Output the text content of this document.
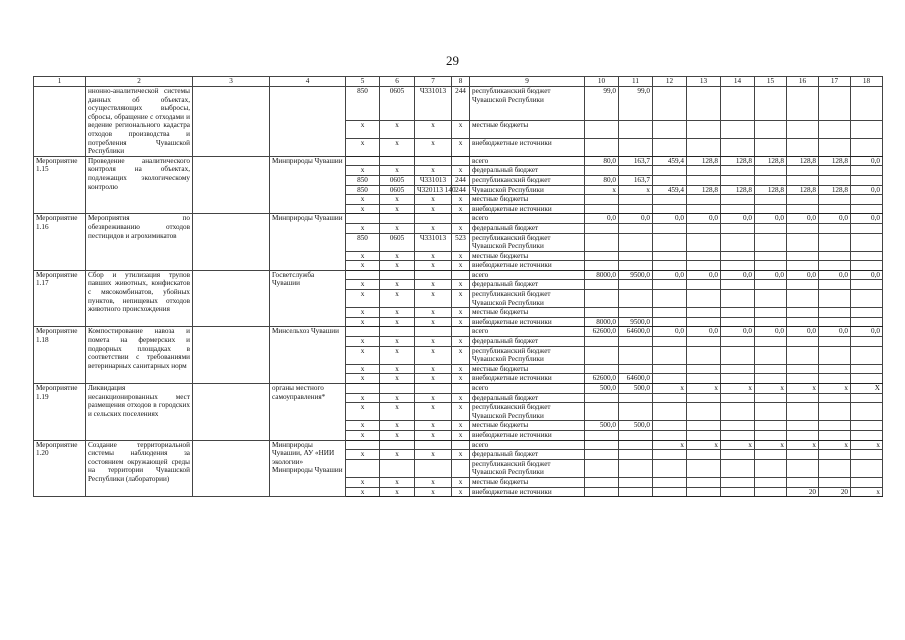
29
1	2	3	4	5	6	7	8	9	10	11	12	13	14	15	16	17	18
	ннонно-аналитической системы данных об объектах, осуществляющих выбросы, сбросы, обращение с отходами и ведение регионального кадастра отходов производства и потребления Чувашской Республики			850	0605	Ч331013	244	республиканский бюджет Чувашской Республики	99,0	99,0							
				х	х	х	х	местные бюджеты									
				х	х	х	х	внебюджетные источники									
Мероприятие 1.15	Проведение аналитического контроля на объектах, подлежащих экологическому контролю		Минприроды Чувашии					всего	80,0	163,7	459,4	128,8	128,8	128,8	128,8	128,8	0,0
				х	х	х	х	федеральный бюджет									
				850	0605	Ч331013	244	республиканский бюджет	80,0	163,7							
				850	0605	Ч320113 140	244	Чувашской Республики	х	х	459,4	128,8	128,8	128,8	128,8	128,8	0,0
				х	х	х	х	местные бюджеты									
				х	х	х	х	внебюджетные источники									
Мероприятие 1.16	Мероприятия по обезвреживанию отходов пестицидов и агрохимикатов		Минприроды Чувашии					всего	0,0	0,0	0,0	0,0	0,0	0,0	0,0	0,0	0,0
				х	х	х	х	федеральный бюджет									
				850	0605	Ч331013	523	республиканский бюджет Чувашской Республики									
				х	х	х	х	местные бюджеты									
				х	х	х	х	внебюджетные источники									
Мероприятие 1.17	Сбор и утилизация трупов павших животных, конфискатов с мясокомбинатов, убойных пунктов, непищевых отходов животного происхождения		Госветслужба Чувашии					всего	8000,0	9500,0	0,0	0,0	0,0	0,0	0,0	0,0	0,0
				х	х	х	х	федеральный бюджет									
				х	х	х	х	республиканский бюджет Чувашской Республики									
				х	х	х	х	местные бюджеты									
				х	х	х	х	внебюджетные источники	8000,0	9500,0							
Мероприятие 1.18	Компостирование навоза и помета на фермерских и подворных площадках в соответствии с требованиями ветеринарных санитарных норм		Минсельхоз Чувашии					всего	62600,0	64600,0	0,0	0,0	0,0	0,0	0,0	0,0	0,0
				х	х	х	х	федеральный бюджет									
				х	х	х	х	республиканский бюджет Чувашской Республики									
				х	х	х	х	местные бюджеты									
				х	х	х	х	внебюджетные источники	62600,0	64600,0							
Мероприятие 1.19	Ликвидация несанкционированных мест размещения отходов в городских и сельских поселениях		органы местного самоуправления*					всего	500,0	500,0	х	х	х	х	х	х	Х
				х	х	х	х	федеральный бюджет									
				х	х	х	х	республиканский бюджет Чувашской Республики									
				х	х	х	х	местные бюджеты	500,0	500,0							
				х	х	х	х	внебюджетные источники									
Мероприятие 1.20	Создание территориальной системы наблюдения за состоянием окружающей среды на территории Чувашской Республики (лаборатории)		Минприроды Чувашии, АУ «НИИ экологии» Минприроды Чувашии					всего			х	х	х	х	х	х	х
				х	х	х	х	федеральный бюджет									
								республиканский бюджет Чувашской Республики									
				х	х	х	х	местные бюджеты									
				х	х	х	х	внебюджетные источники							20	20	х
